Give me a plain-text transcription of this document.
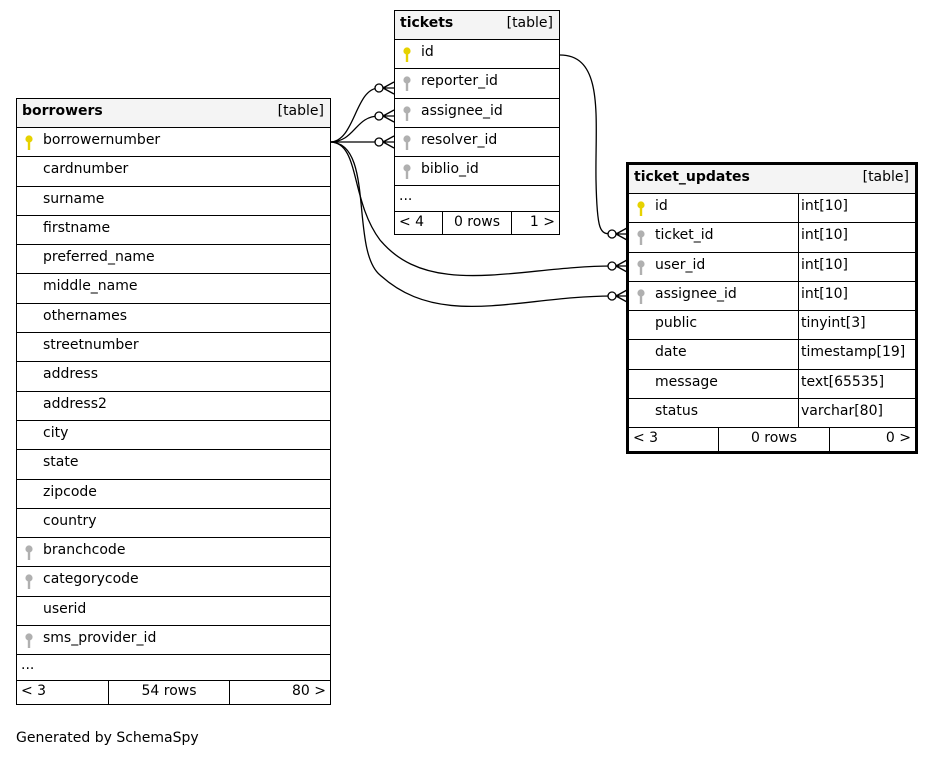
borrowers	[table]
borrowernumber
cardnumber
surname
firstname
preferred_name
middle_name
othernames
streetnumber
address
address2
city
state
zipcode
country
branchcode
categorycode
userid
sms_provider_id
...
< 3	54 rows	80 >
tickets	[table]
id
reporter_id
assignee_id
resolver_id
biblio_id
...
< 4	0 rows	1 >
ticket_updates	[table]
id	int[10]
ticket_id	int[10]
user_id	int[10]
assignee_id	int[10]
public	tinyint[3]
date	timestamp[19]
message	text[65535]
status	varchar[80]
< 3	0 rows	0 >
Generated by SchemaSpy
